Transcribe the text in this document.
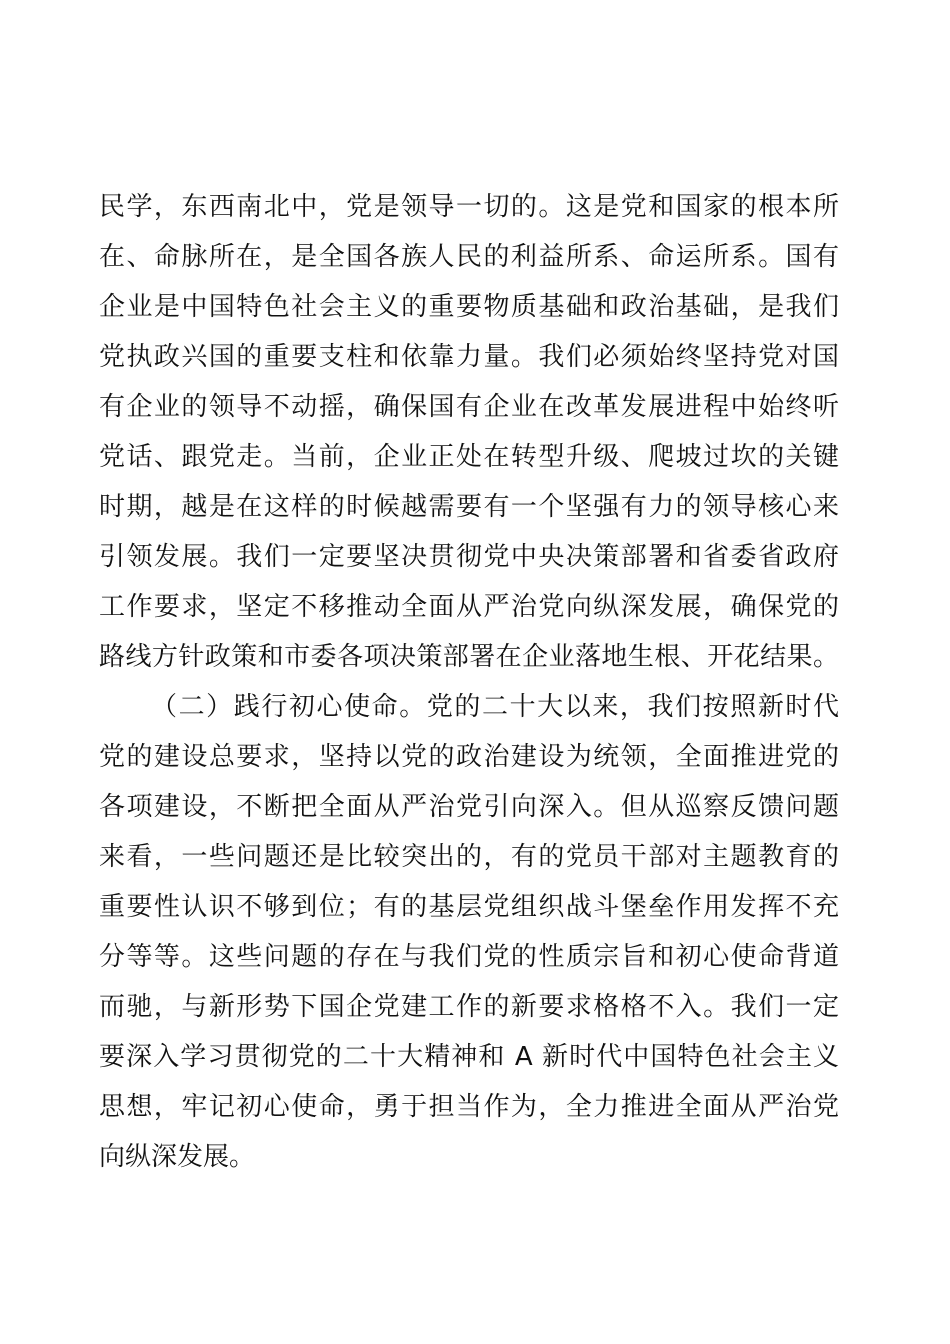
民学，东西南北中，党是领导一切的。这是党和国家的根本所
在、命脉所在，是全国各族人民的利益所系、命运所系。国有
企业是中国特色社会主义的重要物质基础和政治基础，是我们
党执政兴国的重要支柱和依靠力量。我们必须始终坚持党对国
有企业的领导不动摇，确保国有企业在改革发展进程中始终听
党话、跟党走。当前，企业正处在转型升级、爬坡过坎的关键
时期，越是在这样的时候越需要有一个坚强有力的领导核心来
引领发展。我们一定要坚决贯彻党中央决策部署和省委省政府
工作要求，坚定不移推动全面从严治党向纵深发展，确保党的
路线方针政策和市委各项决策部署在企业落地生根、开花结果。
（二）践行初心使命。党的二十大以来，我们按照新时代
党的建设总要求，坚持以党的政治建设为统领，全面推进党的
各项建设，不断把全面从严治党引向深入。但从巡察反馈问题
来看，一些问题还是比较突出的，有的党员干部对主题教育的
重要性认识不够到位；有的基层党组织战斗堡垒作用发挥不充
分等等。这些问题的存在与我们党的性质宗旨和初心使命背道
而驰，与新形势下国企党建工作的新要求格格不入。我们一定
要深入学习贯彻党的二十大精神和 A 新时代中国特色社会主义
思想，牢记初心使命，勇于担当作为，全力推进全面从严治党
向纵深发展。
